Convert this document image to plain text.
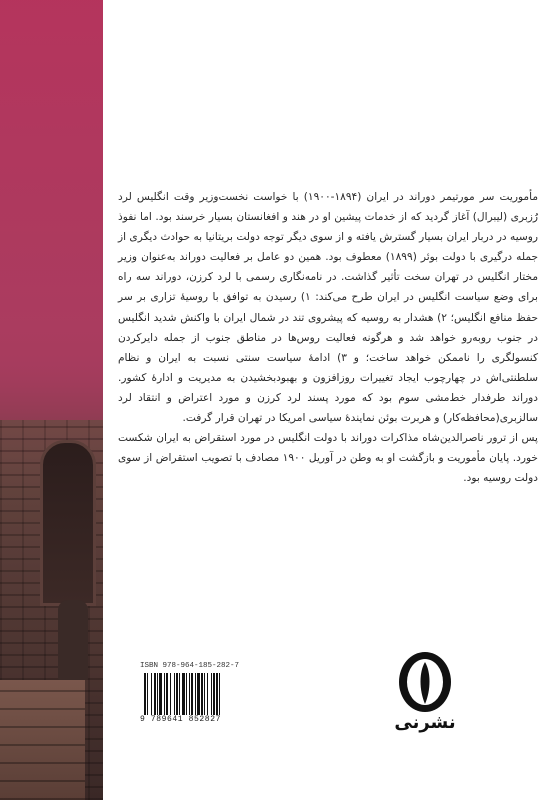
مأموریت سر مورتیمر دوراند در ایران (۱۸۹۴-۱۹۰۰) با خواست نخست‌وزیر وقت انگلیس لرد رُزبری (لیبرال) آغاز گردید که از خدمات پیشین او در هند و افغانستان بسیار خرسند بود. اما نفوذ روسیه در دربار ایران بسیار گسترش یافته و از سوی دیگر توجه دولت بریتانیا به حوادث دیگری از جمله درگیری با دولت بوئر (۱۸۹۹) معطوف بود. همین دو عامل بر فعالیت دوراند به‌عنوان وزیر مختار انگلیس در تهران سخت تأثیر گذاشت. در نامه‌نگاری رسمی با لرد کرزن، دوراند سه راه برای وضع سیاست انگلیس در ایران طرح می‌کند: ۱) رسیدن به توافق با روسیهٔ تزاری بر سر حفظ منافع انگلیس؛ ۲) هشدار به روسیه که پیشروی تند در شمال ایران با واکنش شدید انگلیس در جنوب روبه‌رو خواهد شد و هرگونه فعالیت روس‌ها در مناطق جنوب از جمله دایرکردن کنسولگری را ناممکن خواهد ساخت؛ و ۳) ادامهٔ سیاست سنتی نسبت به ایران و نظام سلطنتی‌اش در چهارچوب ایجاد تغییرات روزافزون و بهبودبخشیدن به مدیریت و ادارهٔ کشور. دوراند طرفدار خط‌مشی سوم بود که مورد پسند لرد کرزن و مورد اعتراض و انتقاد لرد سالزبری(محافظه‌کار) و هربرت بوئن نمایندهٔ سیاسی امریکا در تهران قرار گرفت.

پس از ترور ناصرالدین‌شاه مذاکرات دوراند با دولت انگلیس در مورد استقراض به ایران شکست خورد. پایان مأموریت و بازگشت او به وطن در آوریل ۱۹۰۰ مصادف با تصویب استقراض از سوی دولت روسیه بود.

ISBN 978-964-185-282-7
9 789641 852827	نشرنی
